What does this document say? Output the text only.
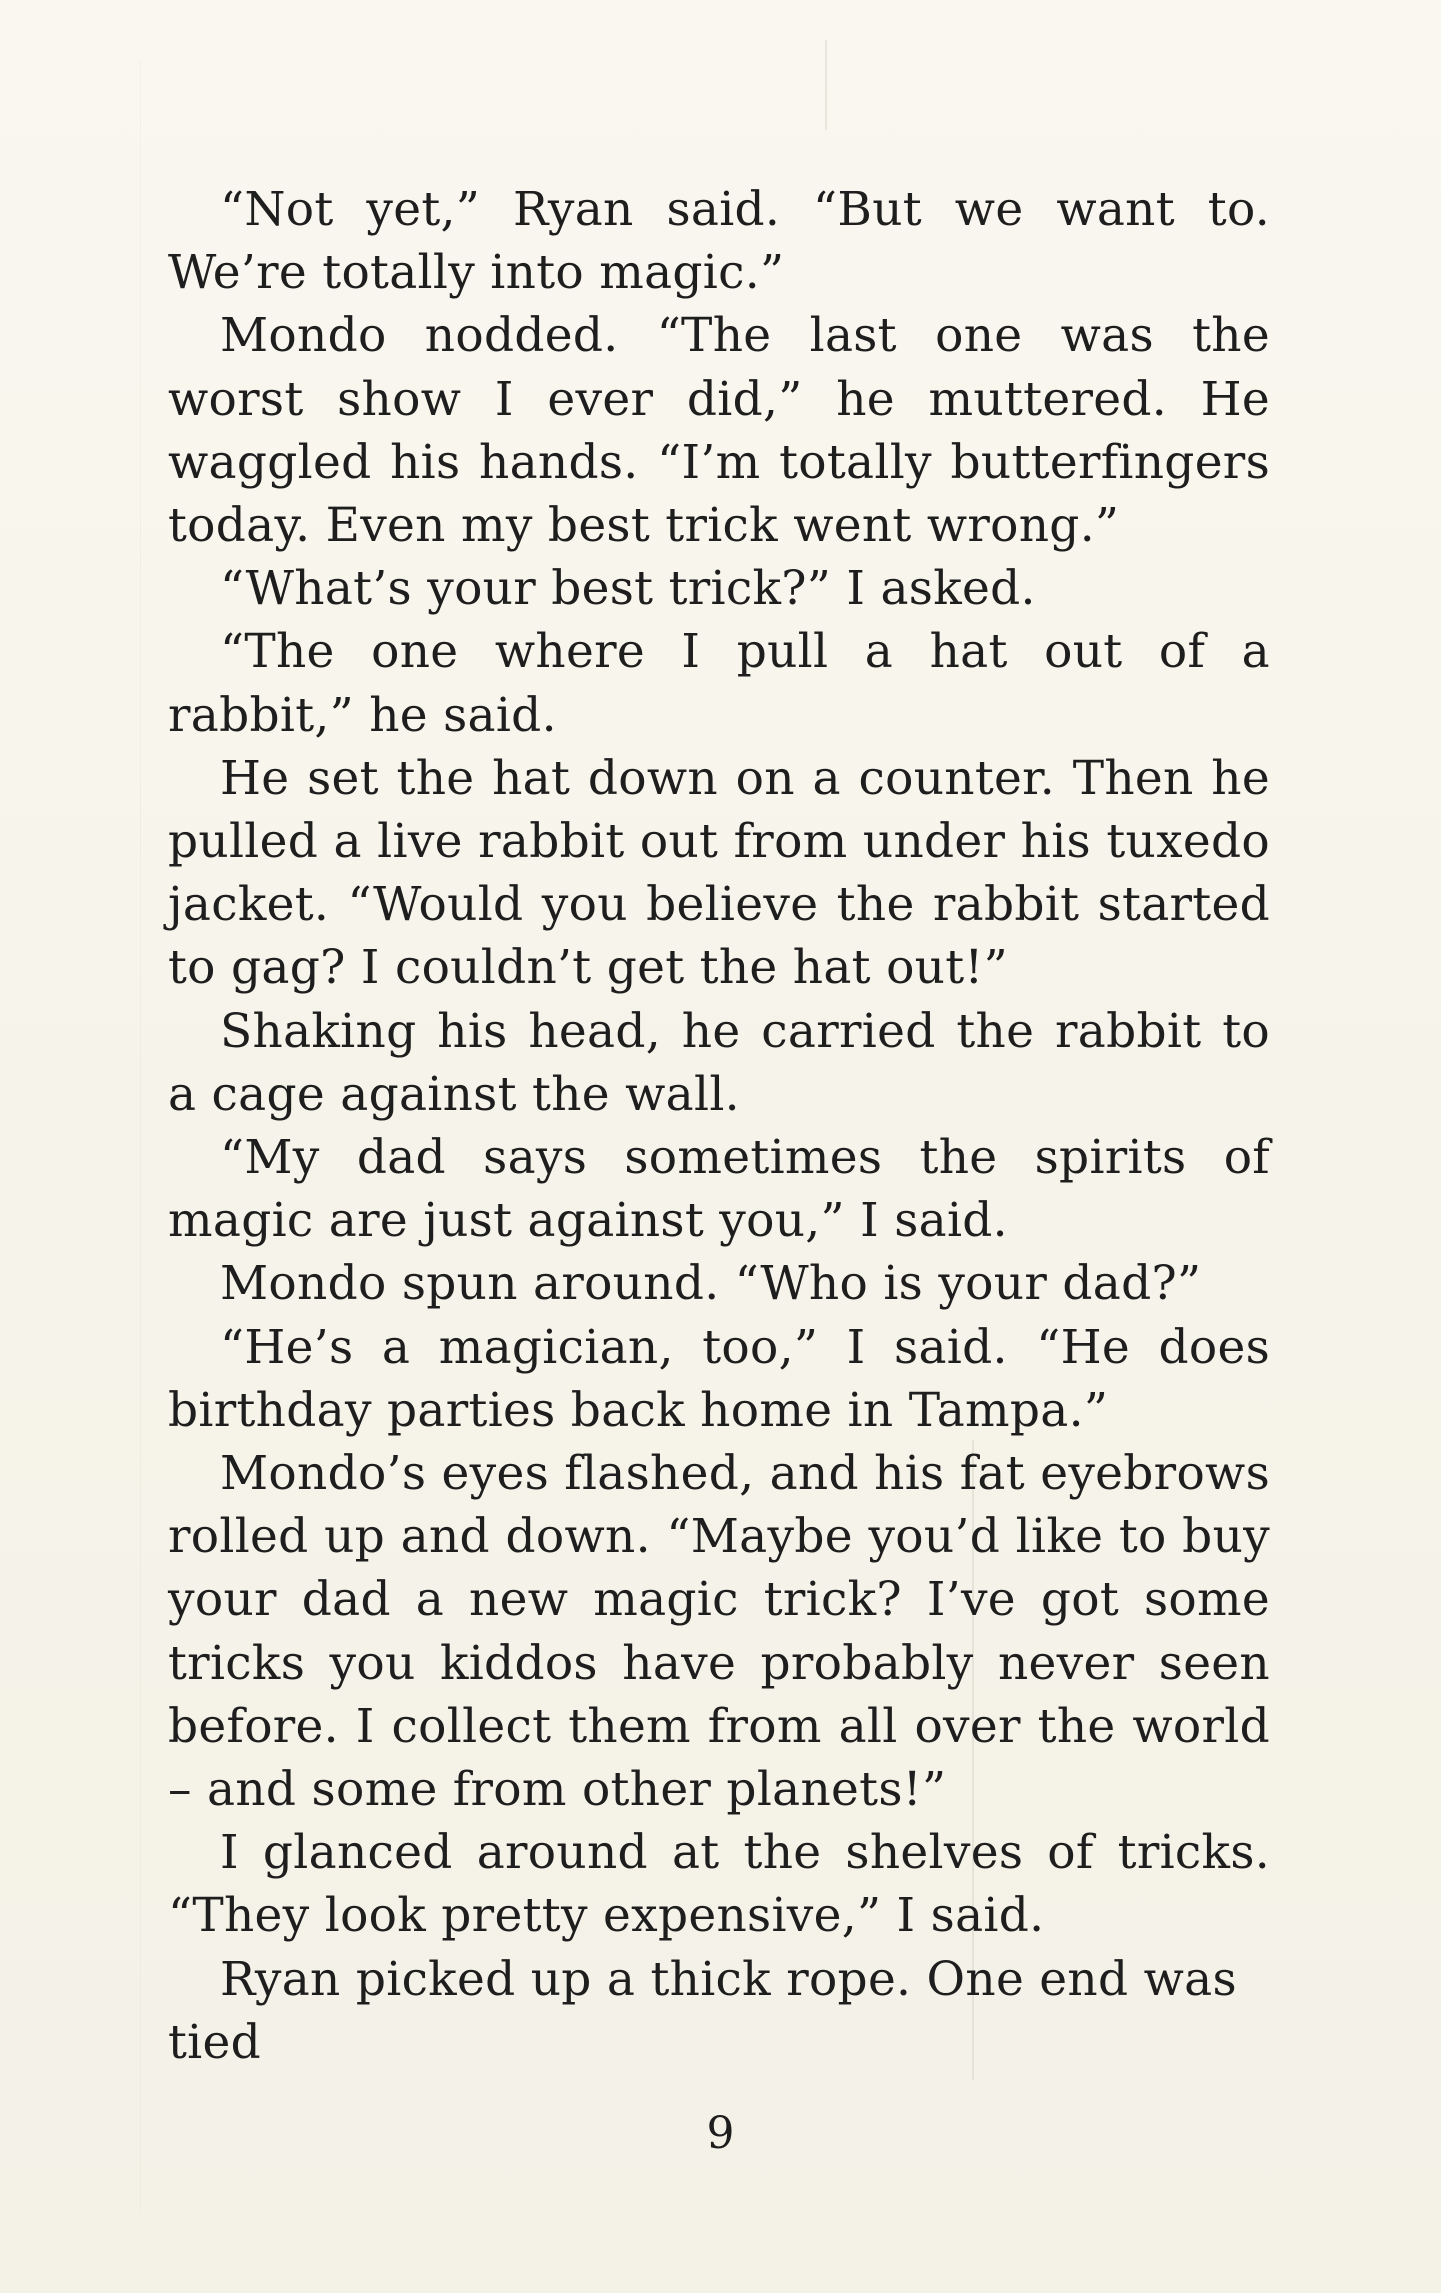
“Not yet,” Ryan said. “But we want to. We’re totally into magic.”

Mondo nodded. “The last one was the worst show I ever did,” he muttered. He waggled his hands. “I’m totally butterfingers today. Even my best trick went wrong.”

“What’s your best trick?” I asked.

“The one where I pull a hat out of a rabbit,” he said.

He set the hat down on a counter. Then he pulled a live rabbit out from under his tuxedo jacket. “Would you believe the rabbit started to gag? I couldn’t get the hat out!”

Shaking his head, he carried the rabbit to a cage against the wall.

“My dad says sometimes the spirits of magic are just against you,” I said.

Mondo spun around. “Who is your dad?”

“He’s a magician, too,” I said. “He does birthday parties back home in Tampa.”

Mondo’s eyes flashed, and his fat eyebrows rolled up and down. “Maybe you’d like to buy your dad a new magic trick? I’ve got some tricks you kiddos have probably never seen before. I collect them from all over the world – and some from other planets!”

I glanced around at the shelves of tricks. “They look pretty expensive,” I said.

Ryan picked up a thick rope. One end was tied

9
